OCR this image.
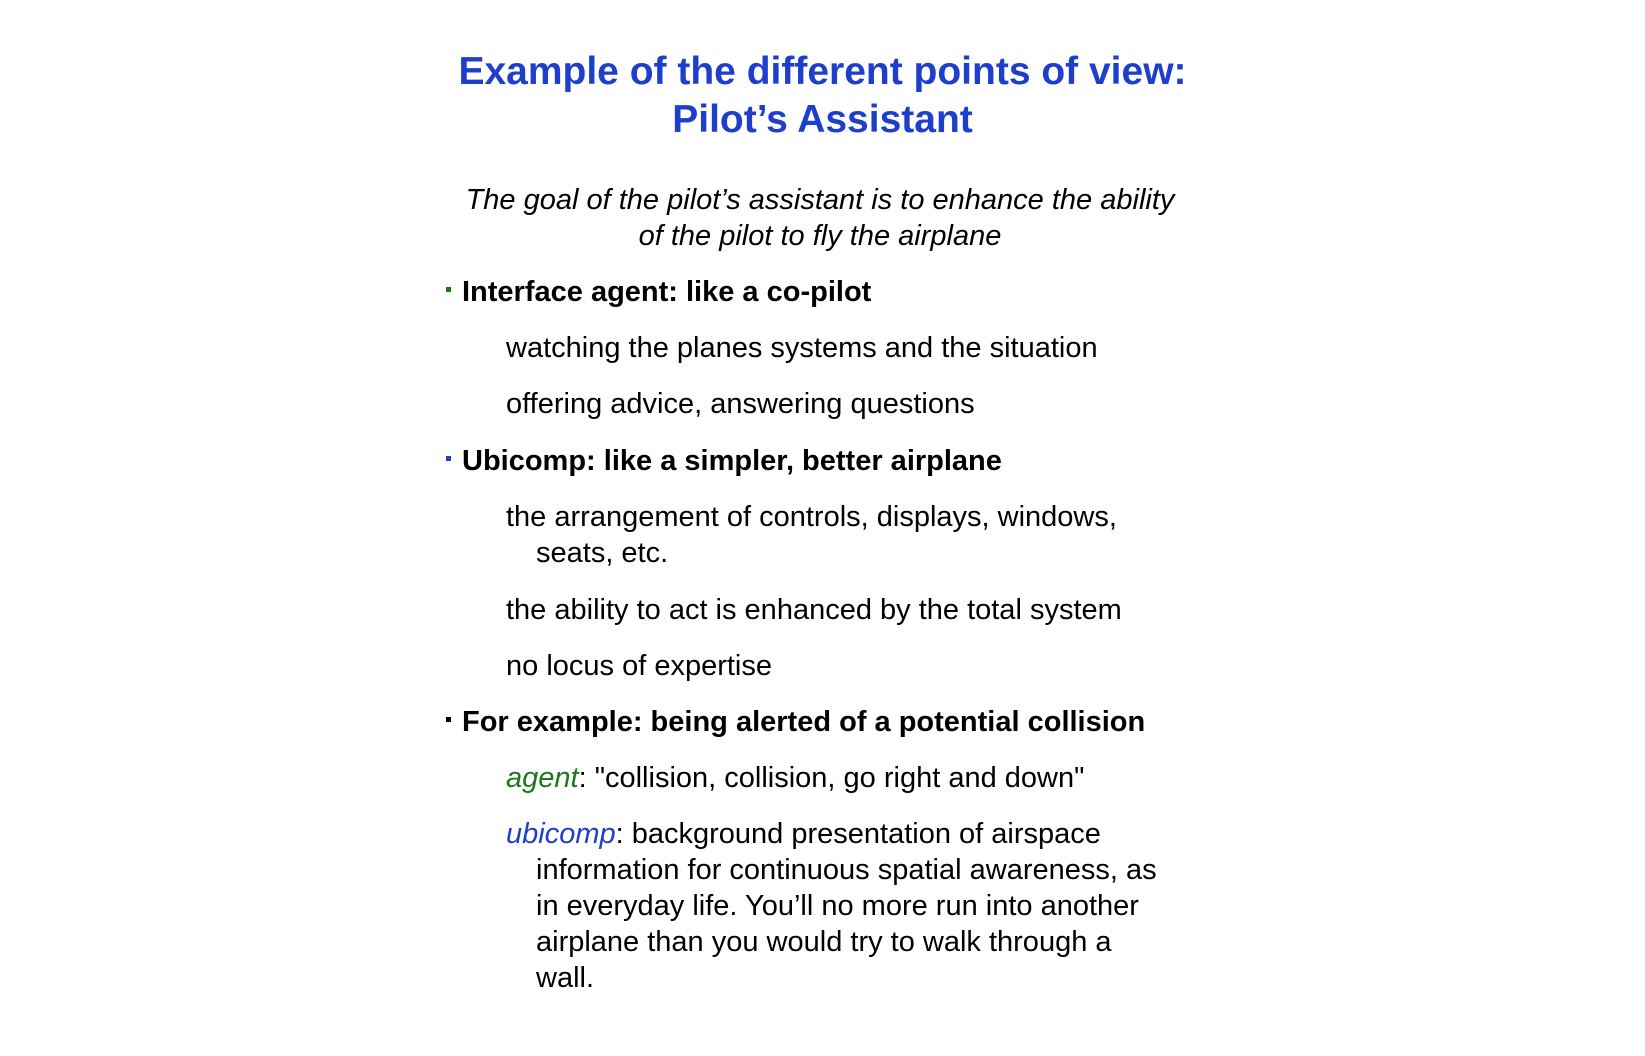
Example of the different points of view:
Pilot’s Assistant
The goal of the pilot’s assistant is to enhance the ability
of the pilot to fly the airplane
Interface agent: like a co-pilot
watching the planes systems and the situation
offering advice, answering questions
Ubicomp: like a simpler, better airplane
the arrangement of controls, displays, windows,
seats, etc.
the ability to act is enhanced by the total system
no locus of expertise
For example: being alerted of a potential collision
agent: "collision, collision, go right and down"
ubicomp: background presentation of airspace
information for continuous spatial awareness, as
in everyday life. You’ll no more run into another
airplane than you would try to walk through a
wall.
